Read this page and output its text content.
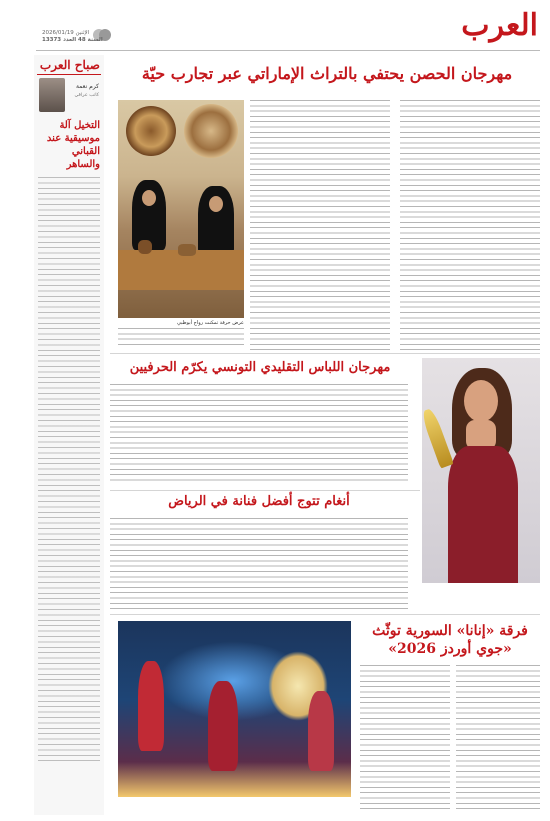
العرب
2026/01/19 الإثنين
13373 السنة 48 العدد
صباح العرب
كرم نعمة
كاتب عراقي
التخيل آلة موسيقية عند القباني والساهر
مهرجان الحصن يحتفي بالتراث الإماراتي عبر تجارب حيّة
عرض حرفة تمكنت رواج أبوظبي
مهرجان اللباس التقليدي التونسي يكرّم الحرفيين
أنغام تتوج أفضل فنانة في الرياض
فرقة «إنانا» السورية توثّث «جوي أوردز 2026»
